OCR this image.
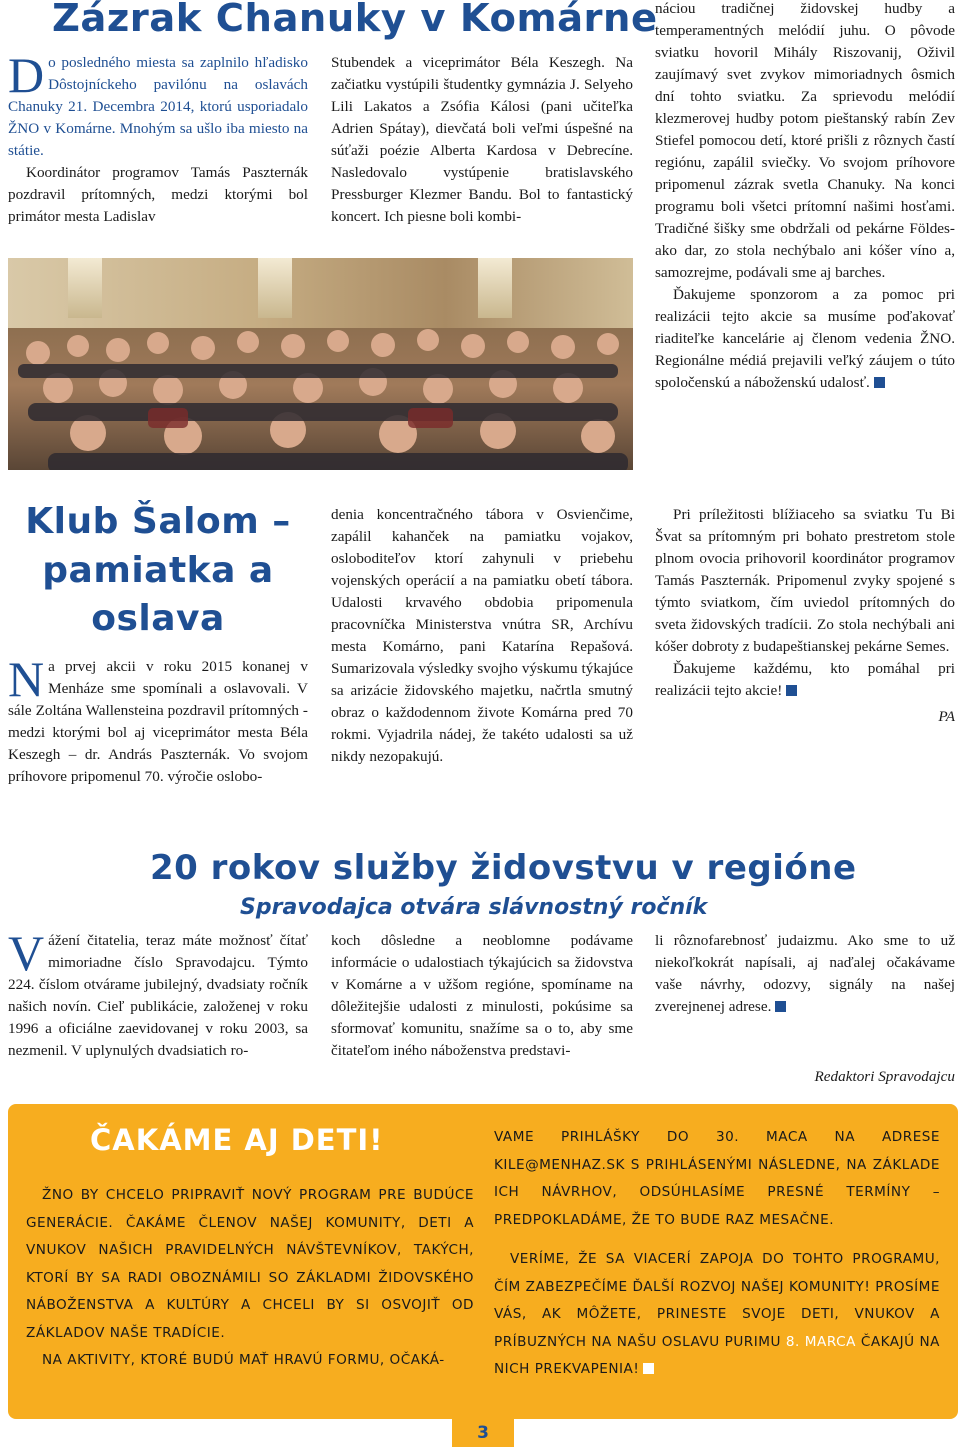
Zázrak Chanuky v Komárne

Do posledného miesta sa zaplnilo hľadisko Dôstojníckeho pavilónu na oslavách Chanuky 21. Decembra 2014, ktorú usporiadalo ŽNO v Komárne. Mnohým sa ušlo iba miesto na státie.

Koordinátor programov Tamás Paszternák pozdravil prítomných, medzi ktorými bol primátor mesta Ladislav

Stubendek a viceprimátor Béla Keszegh. Na začiatku vystúpili študentky gymnázia J. Selyeho Lili Lakatos a Zsófia Kálosi (pani učiteľka Adrien Spátay), dievčatá boli veľmi úspešné na súťaži poézie Alberta Kardosa v Debrecíne. Nasledovalo vystúpenie bratislavského Pressburger Klezmer Bandu. Bol to fantastický koncert. Ich piesne boli kombi-

náciou tradičnej židovskej hudby a temperamentných melódií juhu. O pôvode sviatku hovoril Mihály Riszovanij, Oživil zaujímavý svet zvykov mimoriadnych ôsmich dní tohto sviatku. Za sprievodu melódií klezmerovej hudby potom pieštanský rabín Zev Stiefel pomocou detí, ktoré prišli z rôznych častí regiónu, zapálil sviečky. Vo svojom príhovore pripomenul zázrak svetla Chanuky. Na konci programu boli všetci prítomní našimi hosťami. Tradičné šišky sme obdržali od pekárne Földes- ako dar, zo stola nechýbalo ani kóšer víno a, samozrejme, podávali sme aj barches.

Ďakujeme sponzorom a za pomoc pri realizácii tejto akcie sa musíme poďakovať riaditeľke kancelárie aj členom vedenia ŽNO. Regionálne médiá prejavili veľký záujem o túto spoločenskú a náboženskú udalosť.

Klub Šalom –
pamiatka a
oslava

Na prvej akcii v roku 2015 konanej v Menháze sme spomínali a oslavovali. V sále Zoltána Wallensteina pozdravil prítomných - medzi ktorými bol aj viceprimátor mesta Béla Keszegh – dr. András Paszternák. Vo svojom príhovore pripomenul 70. výročie oslobo-

denia koncentračného tábora v Osvienčime, zapálil kahanček na pamiatku vojakov, osloboditeľov ktorí zahynuli v priebehu vojenských operácií a na pamiatku obetí tábora. Udalosti krvavého obdobia pripomenula pracovníčka Ministerstva vnútra SR, Archívu mesta Komárno, pani Katarína Repašová. Sumarizovala výsledky svojho výskumu týkajúce sa arizácie židovského majetku, načrtla smutný obraz o každodennom živote Komárna pred 70 rokmi. Vyjadrila nádej, že takéto udalosti sa už nikdy nezopakujú.

Pri príležitosti blížiaceho sa sviatku Tu Bi Švat sa prítomným pri bohato prestretom stole plnom ovocia prihovoril koordinátor programov Tamás Paszternák. Pripomenul zvyky spojené s týmto sviatkom, čím uviedol prítomných do sveta židovských tradícii. Zo stola nechýbali ani kóšer dobroty z budapeštianskej pekárne Semes.

Ďakujeme každému, kto pomáhal pri realizácii tejto akcie!

PA

20 rokov služby židovstvu v regióne
Spravodajca otvára slávnostný ročník

Vážení čitatelia, teraz máte možnosť čítať mimoriadne číslo Spravodajcu. Týmto 224. číslom otvárame jubilejný, dvadsiaty ročník našich novín. Cieľ publikácie, založenej v roku 1996 a oficiálne zaevidovanej v roku 2003, sa nezmenil. V uplynulých dvadsiatich ro-

koch dôsledne a neoblomne podávame informácie o udalostiach týkajúcich sa židovstva v Komárne a v užšom regióne, spomíname na dôležitejšie udalosti z minulosti, pokúsime sa sformovať komunitu, snažíme sa o to, aby sme čitateľom iného náboženstva predstavi-

li rôznofarebnosť judaizmu. Ako sme to už niekoľkokrát napísali, aj naďalej očakávame vaše návrhy, odozvy, signály na našej zverejnenej adrese.

Redaktori Spravodajcu
ČAKÁME AJ DETI!

ŽNO BY CHCELO PRIPRAVIŤ NOVÝ PROGRAM PRE BUDÚCE GENERÁCIE. ČAKÁME ČLENOV NAŠEJ KOMUNITY, DETI A VNUKOV NAŠICH PRAVIDELNÝCH NÁVŠTEVNÍKOV, TAKÝCH, KTORÍ BY SA RADI OBOZNÁMILI SO ZÁKLADMI ŽIDOVSKÉHO NÁBOŽENSTVA A KULTÚRY A CHCELI BY SI OSVOJIŤ OD ZÁKLADOV NAŠE TRADÍCIE.

NA AKTIVITY, KTORÉ BUDÚ MAŤ HRAVÚ FORMU, OČAKÁ-

VAME PRIHLÁŠKY DO 30. MACA NA ADRESE KILE@MENHAZ.SK S PRIHLÁSENÝMI NÁSLEDNE, NA ZÁKLADE ICH NÁVRHOV, ODSÚHLASÍME PRESNÉ TERMÍNY – PREDPOKLADÁME, ŽE TO BUDE RAZ MESAČNE.

VERÍME, ŽE SA VIACERÍ ZAPOJA DO TOHTO PROGRAMU, ČÍM ZABEZPEČÍME ĎALŠÍ ROZVOJ NAŠEJ KOMUNITY! PROSÍME VÁS, AK MÔŽETE, PRINESTE SVOJE DETI, VNUKOV A PRÍBUZNÝCH NA NAŠU OSLAVU PURIMU 8. MARCA ČAKAJÚ NA NICH PREKVAPENIA!

3
